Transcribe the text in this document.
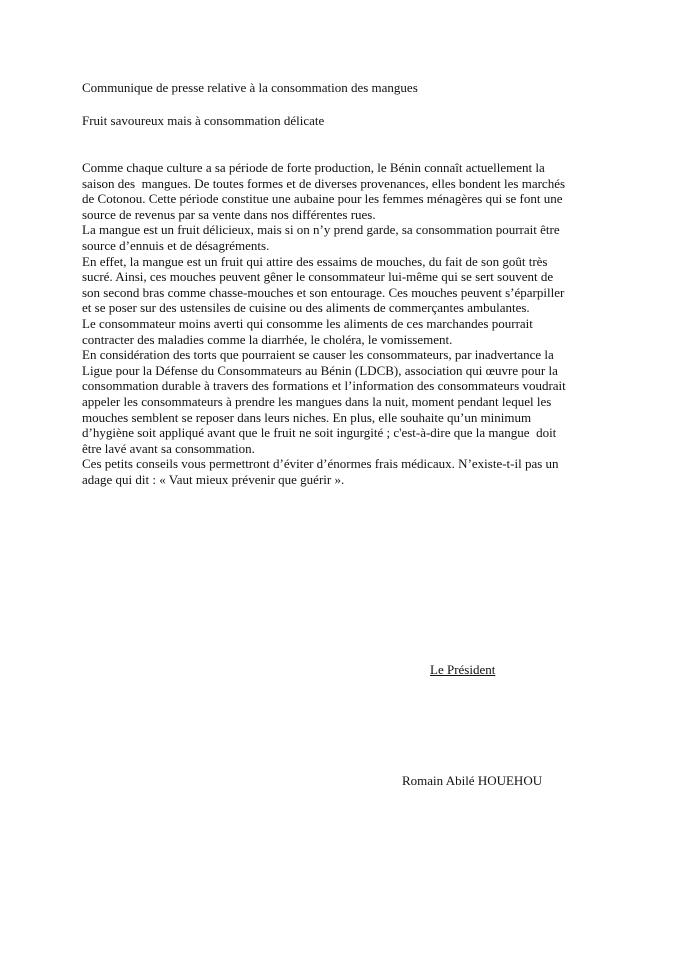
Communique de presse relative à la consommation des mangues
Fruit savoureux mais à consommation délicate
Comme chaque culture a sa période de forte production, le Bénin connaît actuellement la
saison des  mangues. De toutes formes et de diverses provenances, elles bondent les marchés
de Cotonou. Cette période constitue une aubaine pour les femmes ménagères qui se font une
source de revenus par sa vente dans nos différentes rues.
La mangue est un fruit délicieux, mais si on n’y prend garde, sa consommation pourrait être
source d’ennuis et de désagréments.
En effet, la mangue est un fruit qui attire des essaims de mouches, du fait de son goût très
sucré. Ainsi, ces mouches peuvent gêner le consommateur lui-même qui se sert souvent de
son second bras comme chasse-mouches et son entourage. Ces mouches peuvent s’éparpiller
et se poser sur des ustensiles de cuisine ou des aliments de commerçantes ambulantes.
Le consommateur moins averti qui consomme les aliments de ces marchandes pourrait
contracter des maladies comme la diarrhée, le choléra, le vomissement.
En considération des torts que pourraient se causer les consommateurs, par inadvertance la
Ligue pour la Défense du Consommateurs au Bénin (LDCB), association qui œuvre pour la
consommation durable à travers des formations et l’information des consommateurs voudrait
appeler les consommateurs à prendre les mangues dans la nuit, moment pendant lequel les
mouches semblent se reposer dans leurs niches. En plus, elle souhaite qu’un minimum
d’hygiène soit appliqué avant que le fruit ne soit ingurgité ; c'est-à-dire que la mangue  doit
être lavé avant sa consommation.
Ces petits conseils vous permettront d’éviter d’énormes frais médicaux. N’existe-t-il pas un
adage qui dit : « Vaut mieux prévenir que guérir ».
Le Président
Romain Abilé HOUEHOU
